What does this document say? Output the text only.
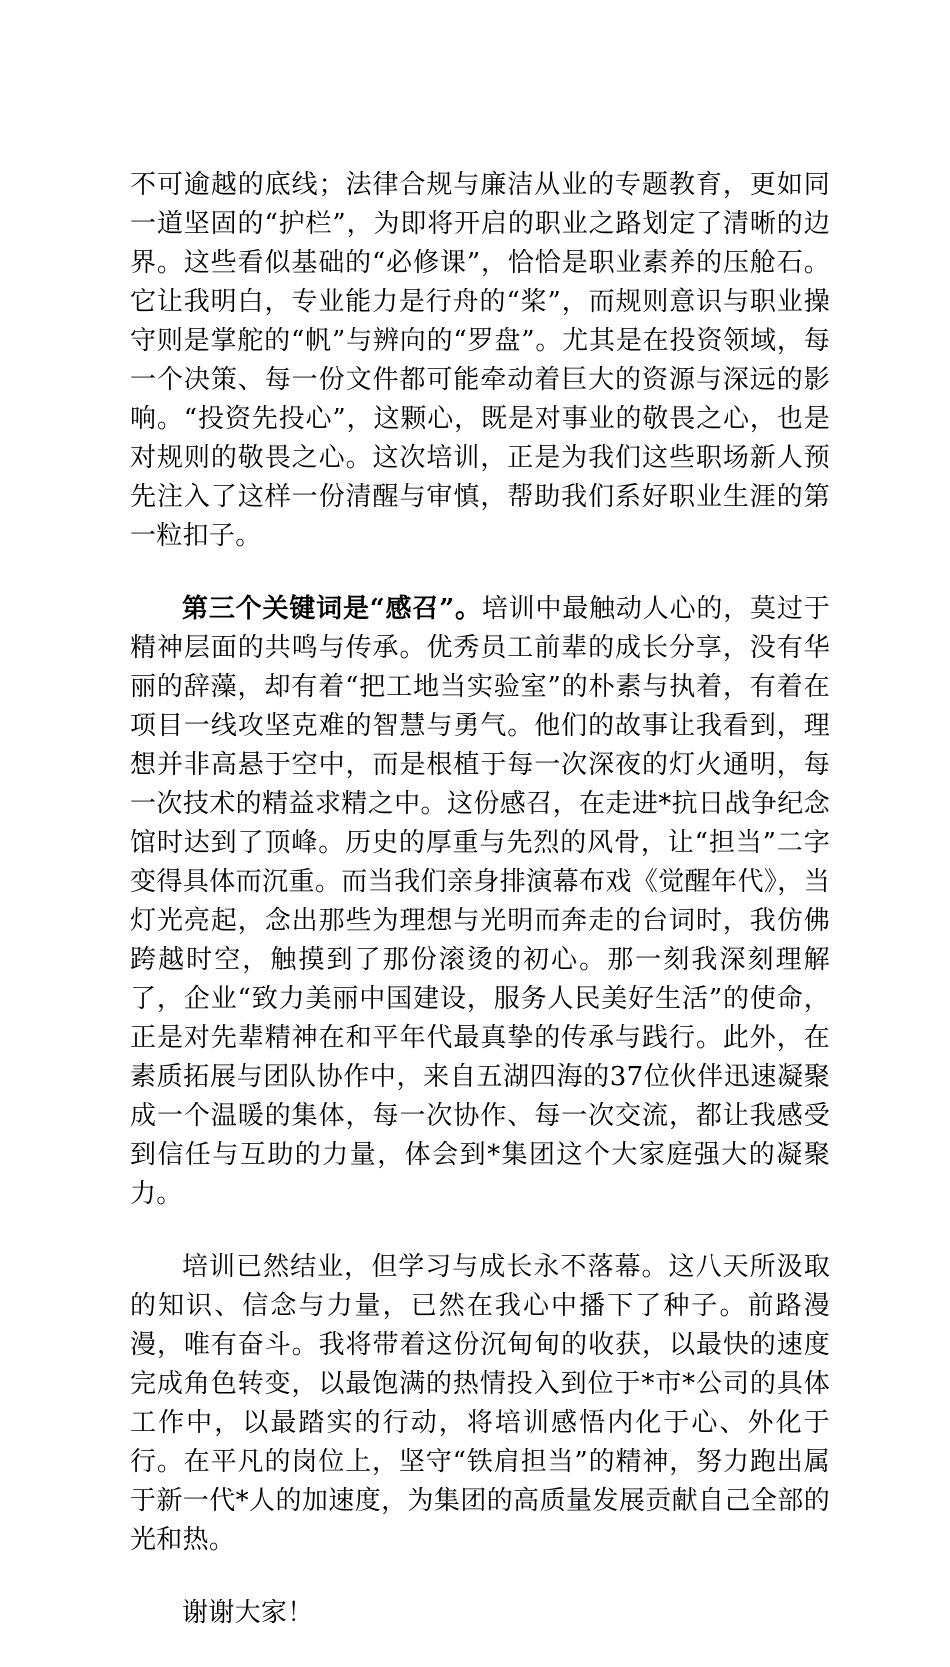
不可逾越的底线；法律合规与廉洁从业的专题教育，更如同一道坚固的“护栏”，为即将开启的职业之路划定了清晰的边界。这些看似基础的“必修课”，恰恰是职业素养的压舱石。它让我明白，专业能力是行舟的“桨”，而规则意识与职业操守则是掌舵的“帆”与辨向的“罗盘”。尤其是在投资领域，每一个决策、每一份文件都可能牵动着巨大的资源与深远的影响。“投资先投心”，这颗心，既是对事业的敬畏之心，也是对规则的敬畏之心。这次培训，正是为我们这些职场新人预先注入了这样一份清醒与审慎，帮助我们系好职业生涯的第一粒扣子。

第三个关键词是“感召”。培训中最触动人心的，莫过于精神层面的共鸣与传承。优秀员工前辈的成长分享，没有华丽的辞藻，却有着“把工地当实验室”的朴素与执着，有着在项目一线攻坚克难的智慧与勇气。他们的故事让我看到，理想并非高悬于空中，而是根植于每一次深夜的灯火通明，每一次技术的精益求精之中。这份感召，在走进*抗日战争纪念馆时达到了顶峰。历史的厚重与先烈的风骨，让“担当”二字变得具体而沉重。而当我们亲身排演幕布戏《觉醒年代》，当灯光亮起，念出那些为理想与光明而奔走的台词时，我仿佛跨越时空，触摸到了那份滚烫的初心。那一刻我深刻理解了，企业“致力美丽中国建设，服务人民美好生活”的使命，正是对先辈精神在和平年代最真挚的传承与践行。此外，在素质拓展与团队协作中，来自五湖四海的37位伙伴迅速凝聚成一个温暖的集体，每一次协作、每一次交流，都让我感受到信任与互助的力量，体会到*集团这个大家庭强大的凝聚力。

培训已然结业，但学习与成长永不落幕。这八天所汲取的知识、信念与力量，已然在我心中播下了种子。前路漫漫，唯有奋斗。我将带着这份沉甸甸的收获，以最快的速度完成角色转变，以最饱满的热情投入到位于*市*公司的具体工作中，以最踏实的行动，将培训感悟内化于心、外化于行。在平凡的岗位上，坚守“铁肩担当”的精神，努力跑出属于新一代*人的加速度，为集团的高质量发展贡献自己全部的光和热。

谢谢大家！
